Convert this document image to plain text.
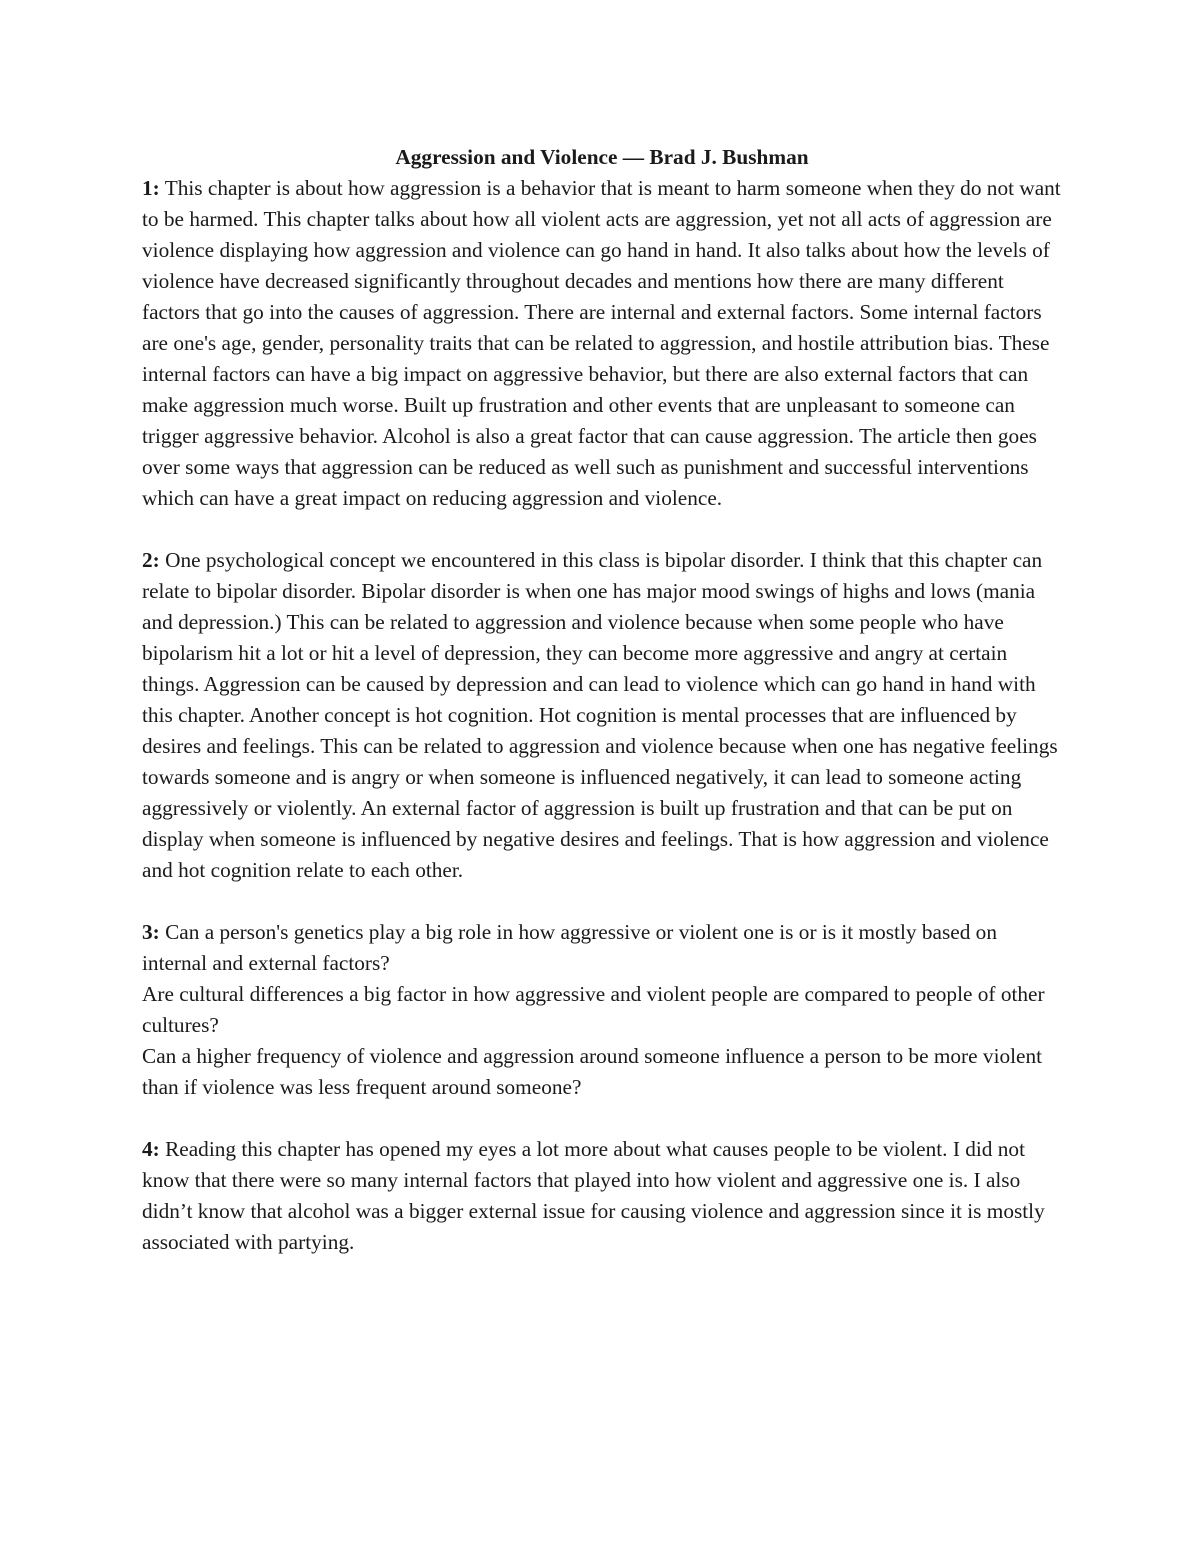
Aggression and Violence — Brad J. Bushman

1: This chapter is about how aggression is a behavior that is meant to harm someone when they do not want to be harmed. This chapter talks about how all violent acts are aggression, yet not all acts of aggression are violence displaying how aggression and violence can go hand in hand. It also talks about how the levels of violence have decreased significantly throughout decades and mentions how there are many different factors that go into the causes of aggression. There are internal and external factors. Some internal factors are one's age, gender, personality traits that can be related to aggression, and hostile attribution bias. These internal factors can have a big impact on aggressive behavior, but there are also external factors that can make aggression much worse. Built up frustration and other events that are unpleasant to someone can trigger aggressive behavior. Alcohol is also a great factor that can cause aggression. The article then goes over some ways that aggression can be reduced as well such as punishment and successful interventions which can have a great impact on reducing aggression and violence.

2: One psychological concept we encountered in this class is bipolar disorder. I think that this chapter can relate to bipolar disorder. Bipolar disorder is when one has major mood swings of highs and lows (mania and depression.) This can be related to aggression and violence because when some people who have bipolarism hit a lot or hit a level of depression, they can become more aggressive and angry at certain things. Aggression can be caused by depression and can lead to violence which can go hand in hand with this chapter. Another concept is hot cognition. Hot cognition is mental processes that are influenced by desires and feelings. This can be related to aggression and violence because when one has negative feelings towards someone and is angry or when someone is influenced negatively, it can lead to someone acting aggressively or violently. An external factor of aggression is built up frustration and that can be put on display when someone is influenced by negative desires and feelings. That is how aggression and violence and hot cognition relate to each other.

3: Can a person's genetics play a big role in how aggressive or violent one is or is it mostly based on internal and external factors?

Are cultural differences a big factor in how aggressive and violent people are compared to people of other cultures?

Can a higher frequency of violence and aggression around someone influence a person to be more violent than if violence was less frequent around someone?

4: Reading this chapter has opened my eyes a lot more about what causes people to be violent. I did not know that there were so many internal factors that played into how violent and aggressive one is. I also didn’t know that alcohol was a bigger external issue for causing violence and aggression since it is mostly associated with partying.
